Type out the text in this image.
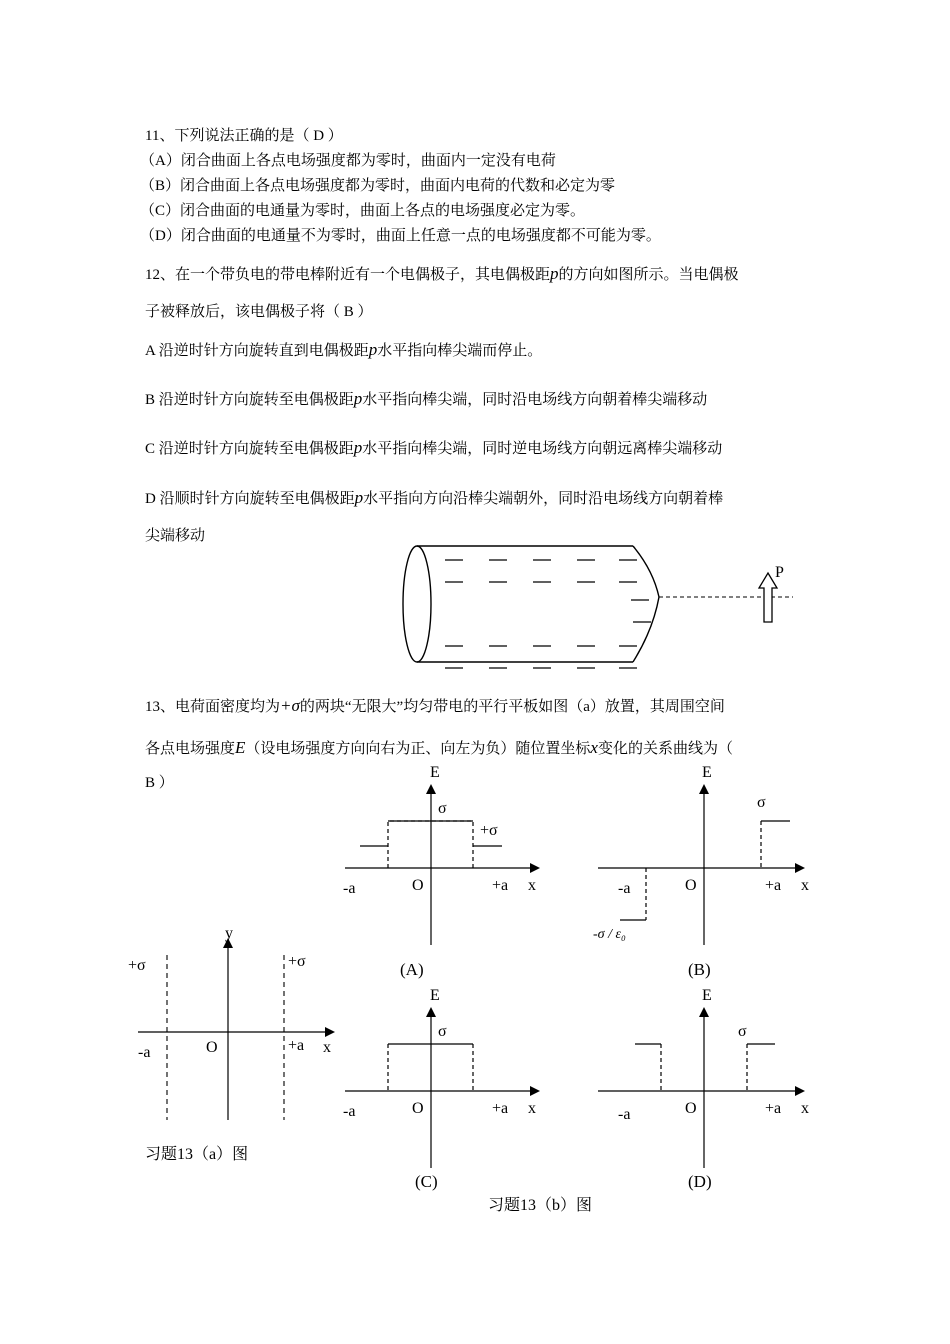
11、下列说法正确的是（ D ）
（A）闭合曲面上各点电场强度都为零时，曲面内一定没有电荷
（B）闭合曲面上各点电场强度都为零时，曲面内电荷的代数和必定为零
（C）闭合曲面的电通量为零时，曲面上各点的电场强度必定为零。
（D）闭合曲面的电通量不为零时，曲面上任意一点的电场强度都不可能为零。
12、在一个带负电的带电棒附近有一个电偶极子，其电偶极距p的方向如图所示。当电偶极
子被释放后，该电偶极子将（ B ）
A 沿逆时针方向旋转直到电偶极距p水平指向棒尖端而停止。
B 沿逆时针方向旋转至电偶极距p水平指向棒尖端，同时沿电场线方向朝着棒尖端移动
C 沿逆时针方向旋转至电偶极距p水平指向棒尖端，同时逆电场线方向朝远离棒尖端移动
D 沿顺时针方向旋转至电偶极距p水平指向方向沿棒尖端朝外，同时沿电场线方向朝着棒
尖端移动
P
13、电荷面密度均为+σ的两块“无限大”均匀带电的平行平板如图（a）放置，其周围空间
各点电场强度E（设电场强度方向向右为正、向左为负）随位置坐标x变化的关系曲线为（
B ）
y
x
O
-a	+a
+σ	+σ
习题13（a）图
E
σ
+σ
-a	O	+a x
(A)
E
σ
-a	O	+a x
-σ / ε₀
(B)
E
σ
-a	O	+a x
(C)
E
σ
-a	O	+a x
(D)
习题13（b）图
